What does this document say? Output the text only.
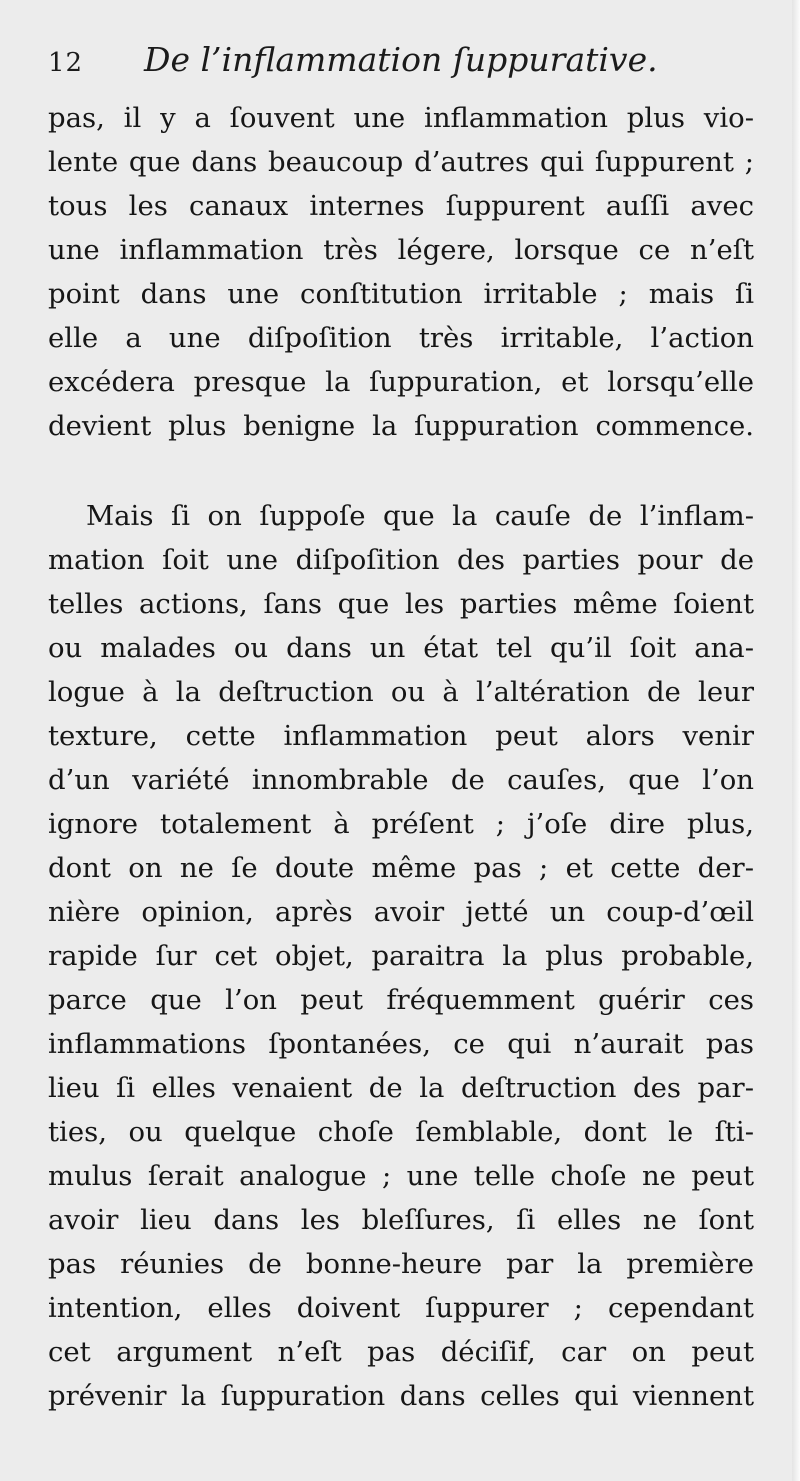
12 De l’inflammation ſuppurative.

pas, il y a ſouvent une inflammation plus vio-
lente que dans beaucoup d’autres qui ſuppurent ;
tous les canaux internes ſuppurent auſſi avec
une inflammation très légere, lorsque ce n’eſt
point dans une conſtitution irritable ; mais ſi
elle a une diſpoſition très irritable, l’action
excédera presque la ſuppuration, et lorsqu’elle
devient plus benigne la ſuppuration commence.

Mais ſi on ſuppoſe que la cauſe de l’inflam-
mation ſoit une diſpoſition des parties pour de
telles actions, ſans que les parties même ſoient
ou malades ou dans un état tel qu’il ſoit ana-
logue à la deſtruction ou à l’altération de leur
texture, cette inflammation peut alors venir
d’un variété innombrable de cauſes, que l’on
ignore totalement à préſent ; j’oſe dire plus,
dont on ne ſe doute même pas ; et cette der-
nière opinion, après avoir jetté un coup-d’œil
rapide ſur cet objet, paraitra la plus probable,
parce que l’on peut fréquemment guérir ces
inflammations ſpontanées, ce qui n’aurait pas
lieu ſi elles venaient de la deſtruction des par-
ties, ou quelque choſe ſemblable, dont le ſti-
mulus ſerait analogue ; une telle choſe ne peut
avoir lieu dans les bleſſures, ſi elles ne ſont
pas réunies de bonne-heure par la première
intention, elles doivent ſuppurer ; cependant
cet argument n’eſt pas déciſif, car on peut
prévenir la ſuppuration dans celles qui viennent
